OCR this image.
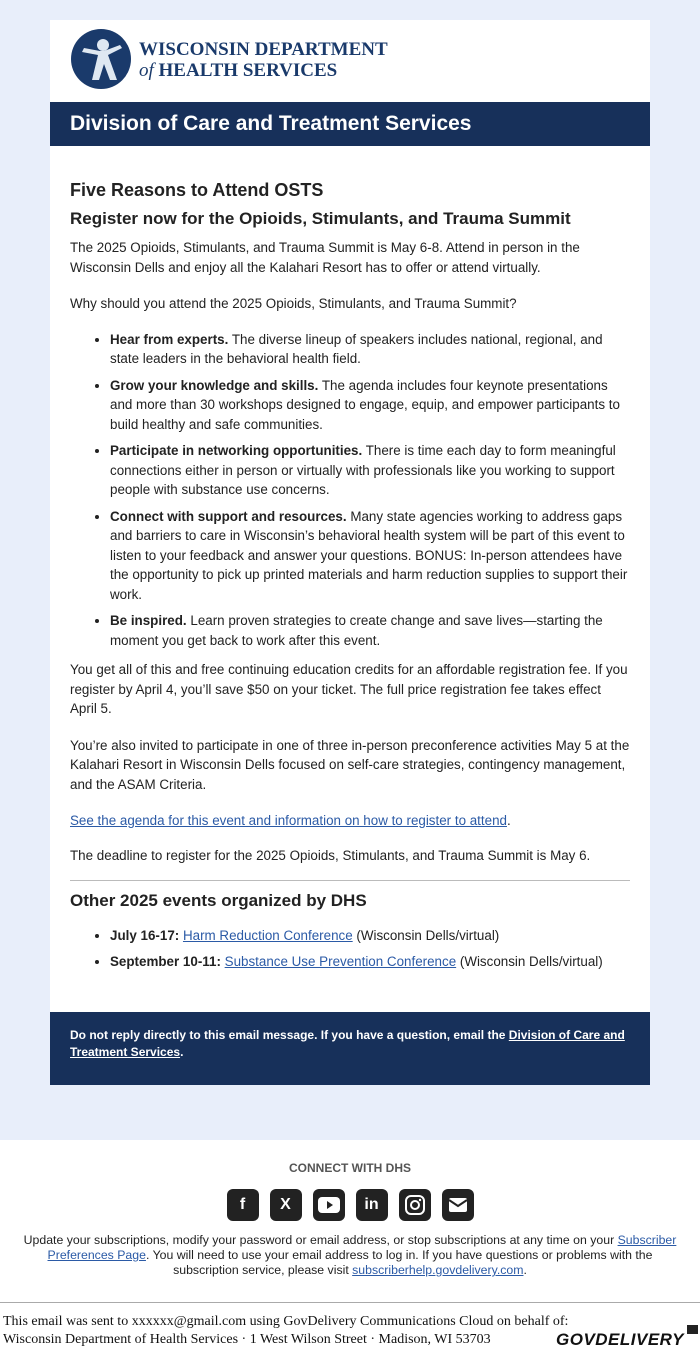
WISCONSIN DEPARTMENT
of HEALTH SERVICES
Division of Care and Treatment Services
Five Reasons to Attend OSTS
Register now for the Opioids, Stimulants, and Trauma Summit

The 2025 Opioids, Stimulants, and Trauma Summit is May 6-8. Attend in person in the Wisconsin Dells and enjoy all the Kalahari Resort has to offer or attend virtually.

Why should you attend the 2025 Opioids, Stimulants, and Trauma Summit?

• Hear from experts. The diverse lineup of speakers includes national, regional, and state leaders in the behavioral health field.
• Grow your knowledge and skills. The agenda includes four keynote presentations and more than 30 workshops designed to engage, equip, and empower participants to build healthy and safe communities.
• Participate in networking opportunities. There is time each day to form meaningful connections either in person or virtually with professionals like you working to support people with substance use concerns.
• Connect with support and resources. Many state agencies working to address gaps and barriers to care in Wisconsin’s behavioral health system will be part of this event to listen to your feedback and answer your questions. BONUS: In-person attendees have the opportunity to pick up printed materials and harm reduction supplies to support their work.
• Be inspired. Learn proven strategies to create change and save lives—starting the moment you get back to work after this event.

You get all of this and free continuing education credits for an affordable registration fee. If you register by April 4, you’ll save $50 on your ticket. The full price registration fee takes effect April 5.

You’re also invited to participate in one of three in-person preconference activities May 5 at the Kalahari Resort in Wisconsin Dells focused on self-care strategies, contingency management, and the ASAM Criteria.

See the agenda for this event and information on how to register to attend.

The deadline to register for the 2025 Opioids, Stimulants, and Trauma Summit is May 6.

Other 2025 events organized by DHS
• July 16-17: Harm Reduction Conference (Wisconsin Dells/virtual)
• September 10-11: Substance Use Prevention Conference (Wisconsin Dells/virtual)
Do not reply directly to this email message. If you have a question, email the Division of Care and Treatment Services.
CONNECT WITH DHS
f	X	in
Update your subscriptions, modify your password or email address, or stop subscriptions at any time on your Subscriber Preferences Page. You will need to use your email address to log in. If you have questions or problems with the subscription service, please visit subscriberhelp.govdelivery.com.
This email was sent to xxxxxx@gmail.com using GovDelivery Communications Cloud on behalf of: Wisconsin Department of Health Services · 1 West Wilson Street · Madison, WI 53703	GOVDELIVERY
